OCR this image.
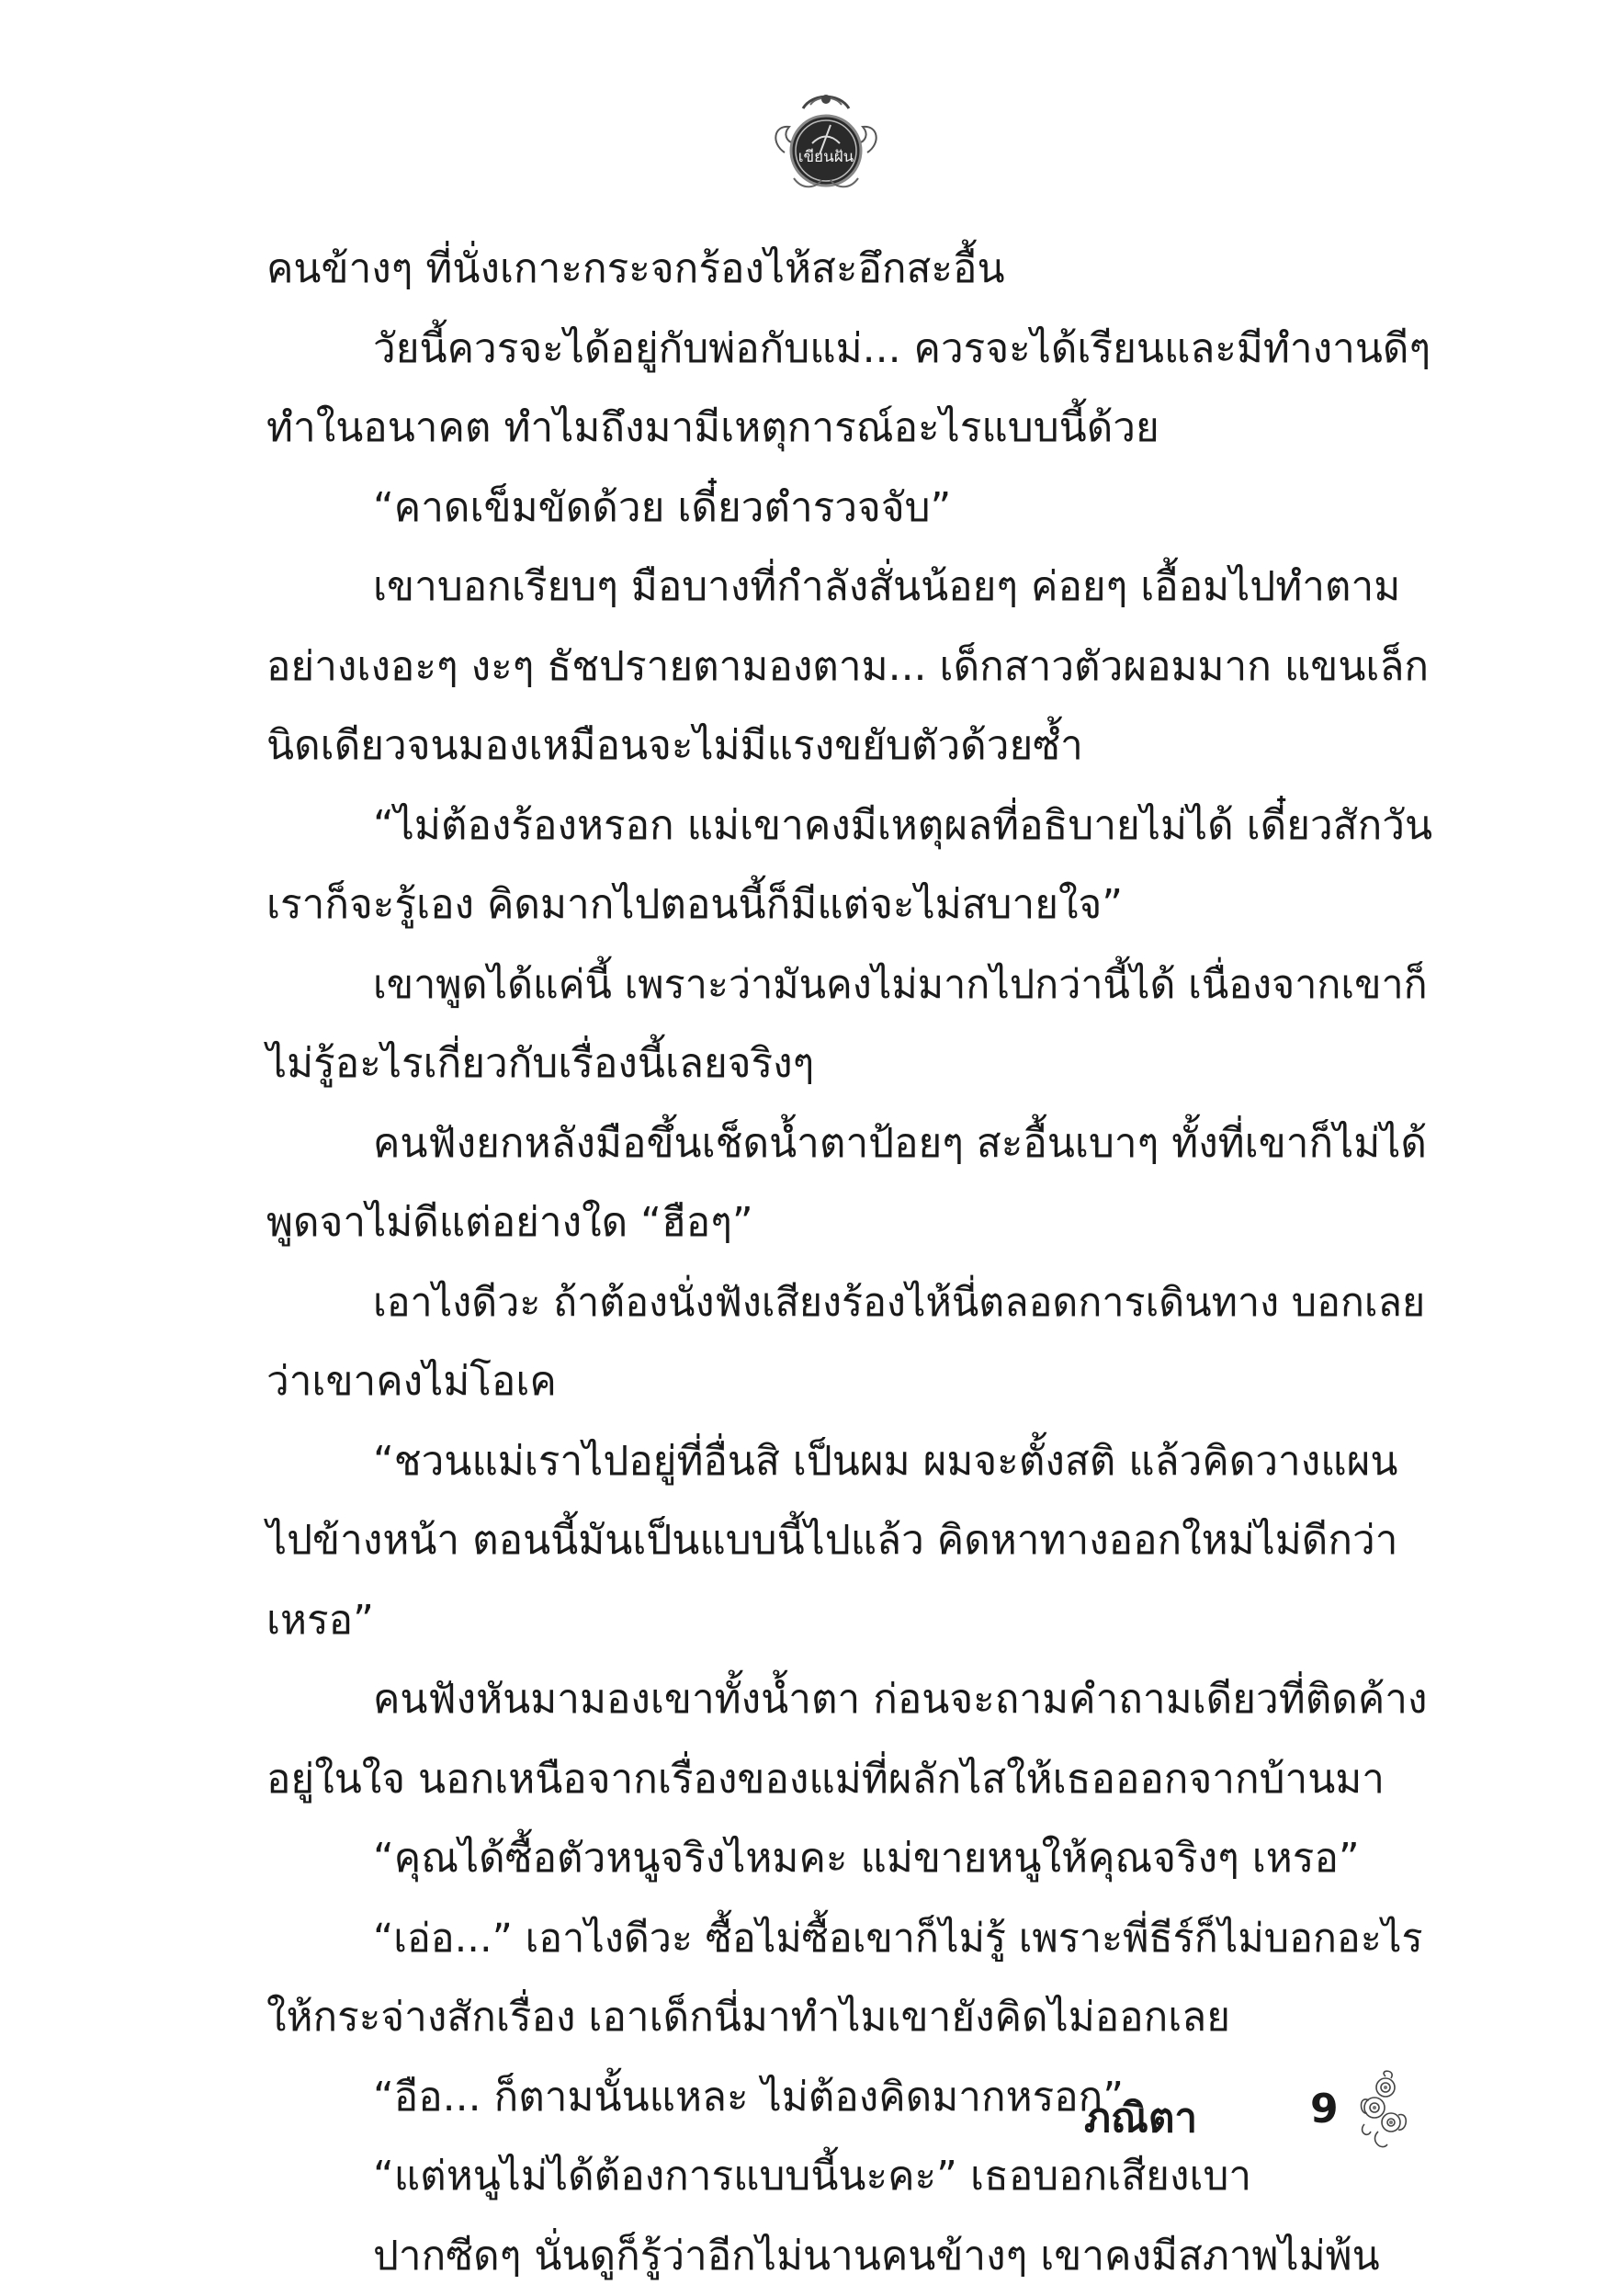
เขียนฝัน
คนข้างๆ ที่นั่งเกาะกระจกร้องไห้สะอึกสะอื้น
วัยนี้ควรจะได้อยู่กับพ่อกับแม่... ควรจะได้เรียนและมีทำงานดีๆ
ทำในอนาคต ทำไมถึงมามีเหตุการณ์อะไรแบบนี้ด้วย
“คาดเข็มขัดด้วย เดี๋ยวตำรวจจับ”
เขาบอกเรียบๆ มือบางที่กำลังสั่นน้อยๆ ค่อยๆ เอื้อมไปทำตาม
อย่างเงอะๆ งะๆ ธัชปรายตามองตาม... เด็กสาวตัวผอมมาก แขนเล็ก
นิดเดียวจนมองเหมือนจะไม่มีแรงขยับตัวด้วยซ้ำ
“ไม่ต้องร้องหรอก แม่เขาคงมีเหตุผลที่อธิบายไม่ได้ เดี๋ยวสักวัน
เราก็จะรู้เอง คิดมากไปตอนนี้ก็มีแต่จะไม่สบายใจ”
เขาพูดได้แค่นี้ เพราะว่ามันคงไม่มากไปกว่านี้ได้ เนื่องจากเขาก็
ไม่รู้อะไรเกี่ยวกับเรื่องนี้เลยจริงๆ
คนฟังยกหลังมือขึ้นเช็ดน้ำตาป้อยๆ สะอื้นเบาๆ ทั้งที่เขาก็ไม่ได้
พูดจาไม่ดีแต่อย่างใด “ฮือๆ”
เอาไงดีวะ ถ้าต้องนั่งฟังเสียงร้องไห้นี่ตลอดการเดินทาง บอกเลย
ว่าเขาคงไม่โอเค
“ชวนแม่เราไปอยู่ที่อื่นสิ เป็นผม ผมจะตั้งสติ แล้วคิดวางแผน
ไปข้างหน้า ตอนนี้มันเป็นแบบนี้ไปแล้ว คิดหาทางออกใหม่ไม่ดีกว่า
เหรอ”
คนฟังหันมามองเขาทั้งน้ำตา ก่อนจะถามคำถามเดียวที่ติดค้าง
อยู่ในใจ นอกเหนือจากเรื่องของแม่ที่ผลักไสให้เธอออกจากบ้านมา
“คุณได้ซื้อตัวหนูจริงไหมคะ แม่ขายหนูให้คุณจริงๆ เหรอ”
“เอ่อ...” เอาไงดีวะ ซื้อไม่ซื้อเขาก็ไม่รู้ เพราะพี่ธีร์ก็ไม่บอกอะไร
ให้กระจ่างสักเรื่อง เอาเด็กนี่มาทำไมเขายังคิดไม่ออกเลย
“อือ... ก็ตามนั้นแหละ ไม่ต้องคิดมากหรอก”
“แต่หนูไม่ได้ต้องการแบบนี้นะคะ” เธอบอกเสียงเบา
ปากซีดๆ นั่นดูก็รู้ว่าอีกไม่นานคนข้างๆ เขาคงมีสภาพไม่พ้น
ภณิตา	9
